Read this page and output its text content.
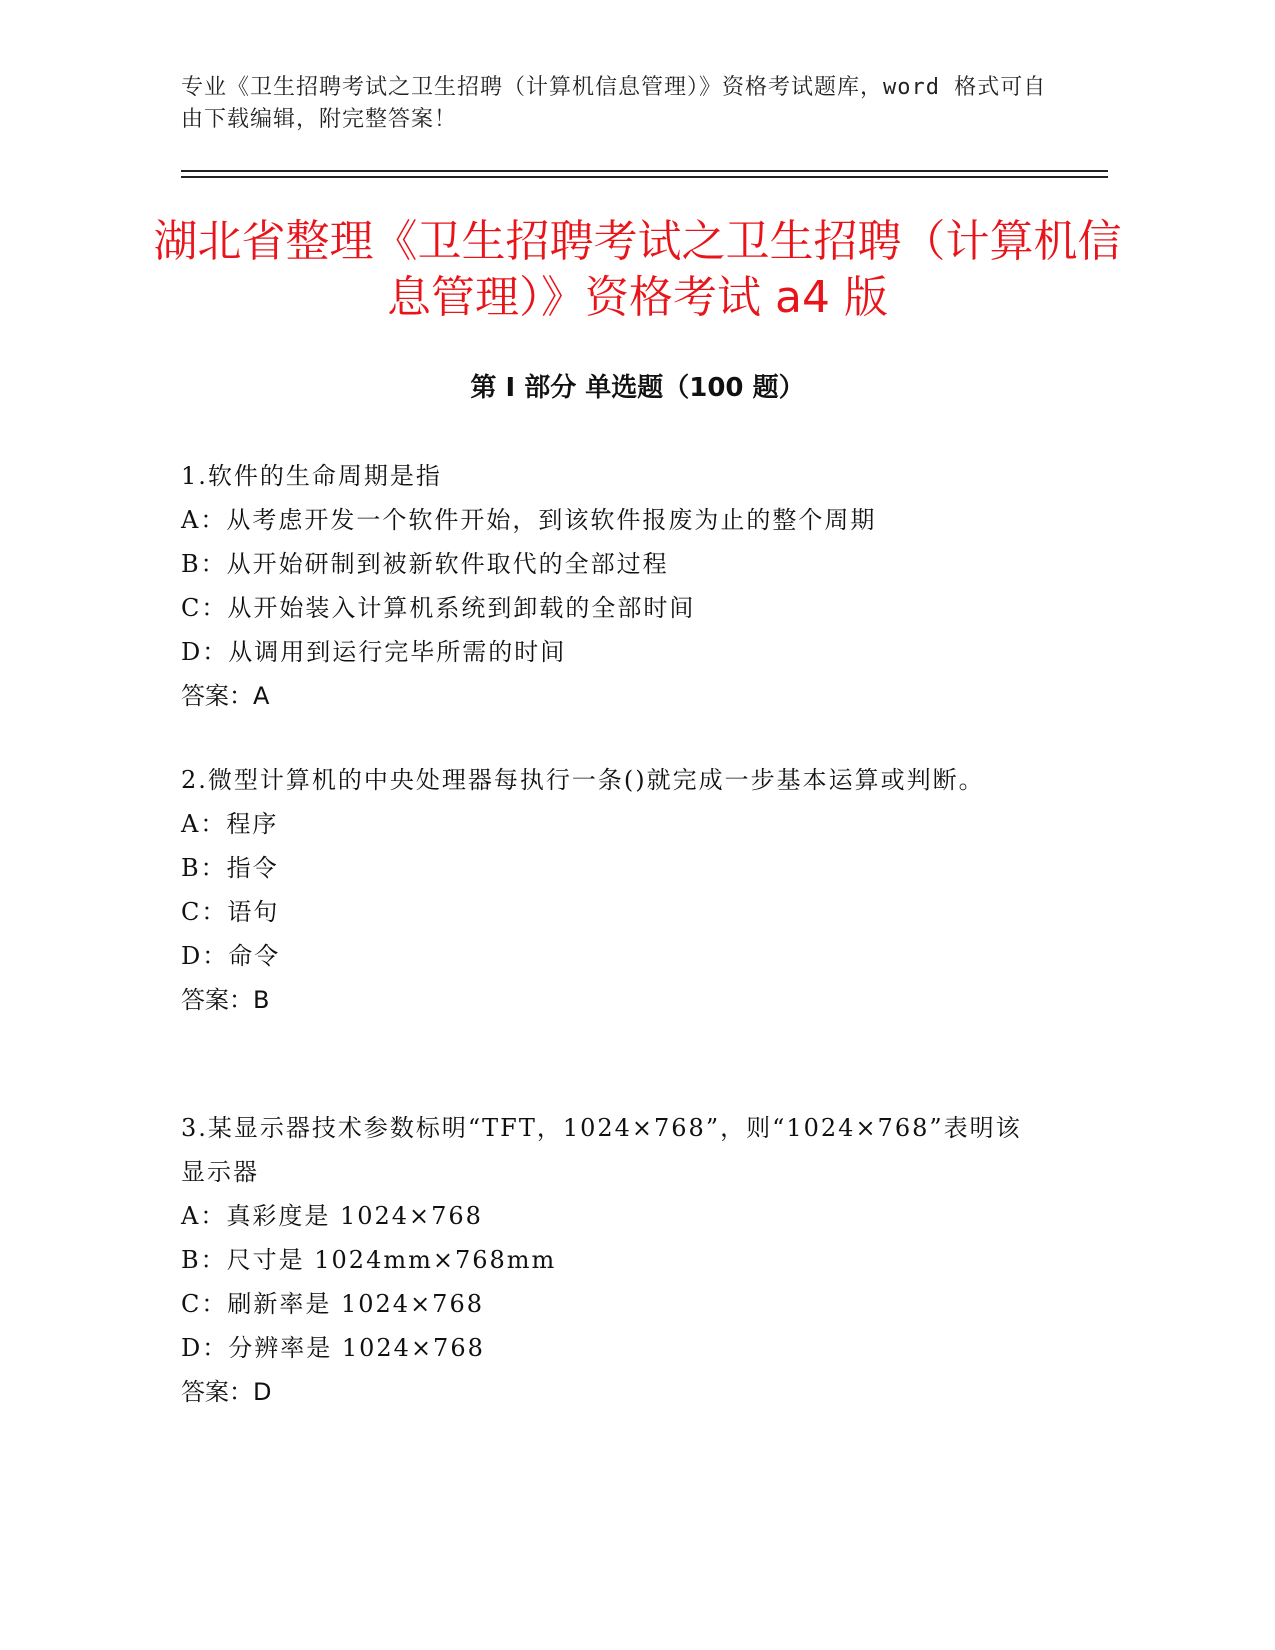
专业《卫生招聘考试之卫生招聘（计算机信息管理）》资格考试题库，word 格式可自由下载编辑，附完整答案！
湖北省整理《卫生招聘考试之卫生招聘（计算机信息管理）》资格考试 a4 版
第 I 部分 单选题（100 题）

1.软件的生命周期是指

A：从考虑开发一个软件开始，到该软件报废为止的整个周期

B：从开始研制到被新软件取代的全部过程

C：从开始装入计算机系统到卸载的全部时间

D：从调用到运行完毕所需的时间

答案：A

2.微型计算机的中央处理器每执行一条()就完成一步基本运算或判断。

A：程序

B：指令

C：语句

D：命令

答案：B

3.某显示器技术参数标明“TFT，1024×768”，则“1024×768”表明该显示器

A：真彩度是 1024×768

B：尺寸是 1024mm×768mm

C：刷新率是 1024×768

D：分辨率是 1024×768

答案：D
